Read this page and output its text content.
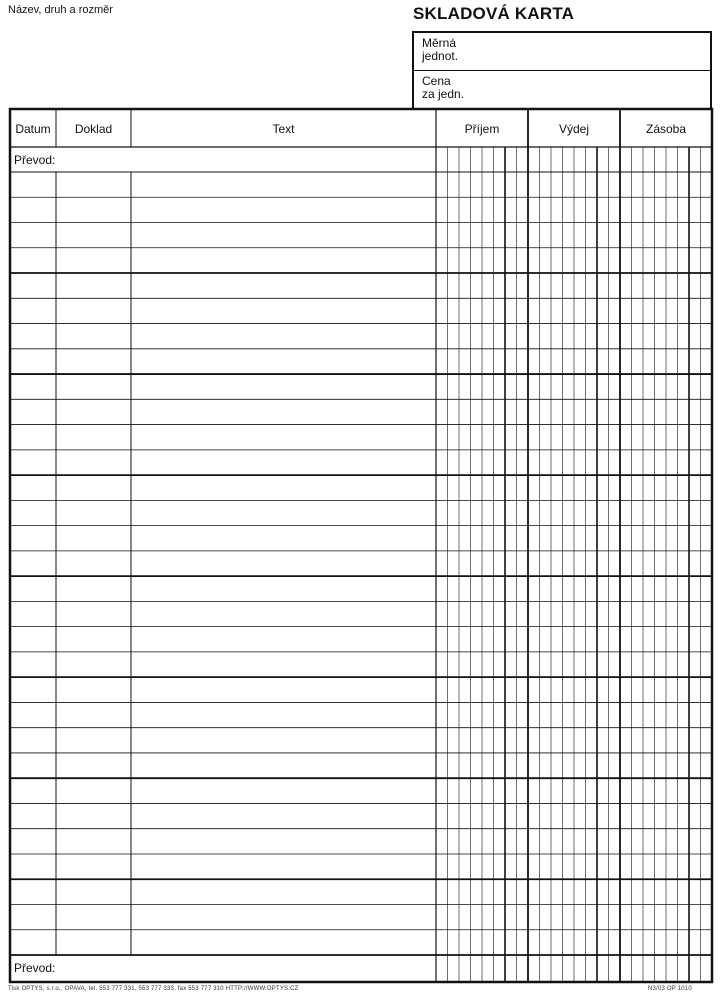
Název, druh a rozměr	SKLADOVÁ KARTA
Měrná
jednot.
Cena
za jedn.
Datum	Doklad	Text	Příjem	Výdej	Zásoba
Převod:
Převod:
Tisk OPTYS, s.r.o., OPAVA, tel. 553 777 331, 553 777 333, fax 553 777 310 HTTP://WWW.OPTYS.CZ	N3/03 OP 1010
